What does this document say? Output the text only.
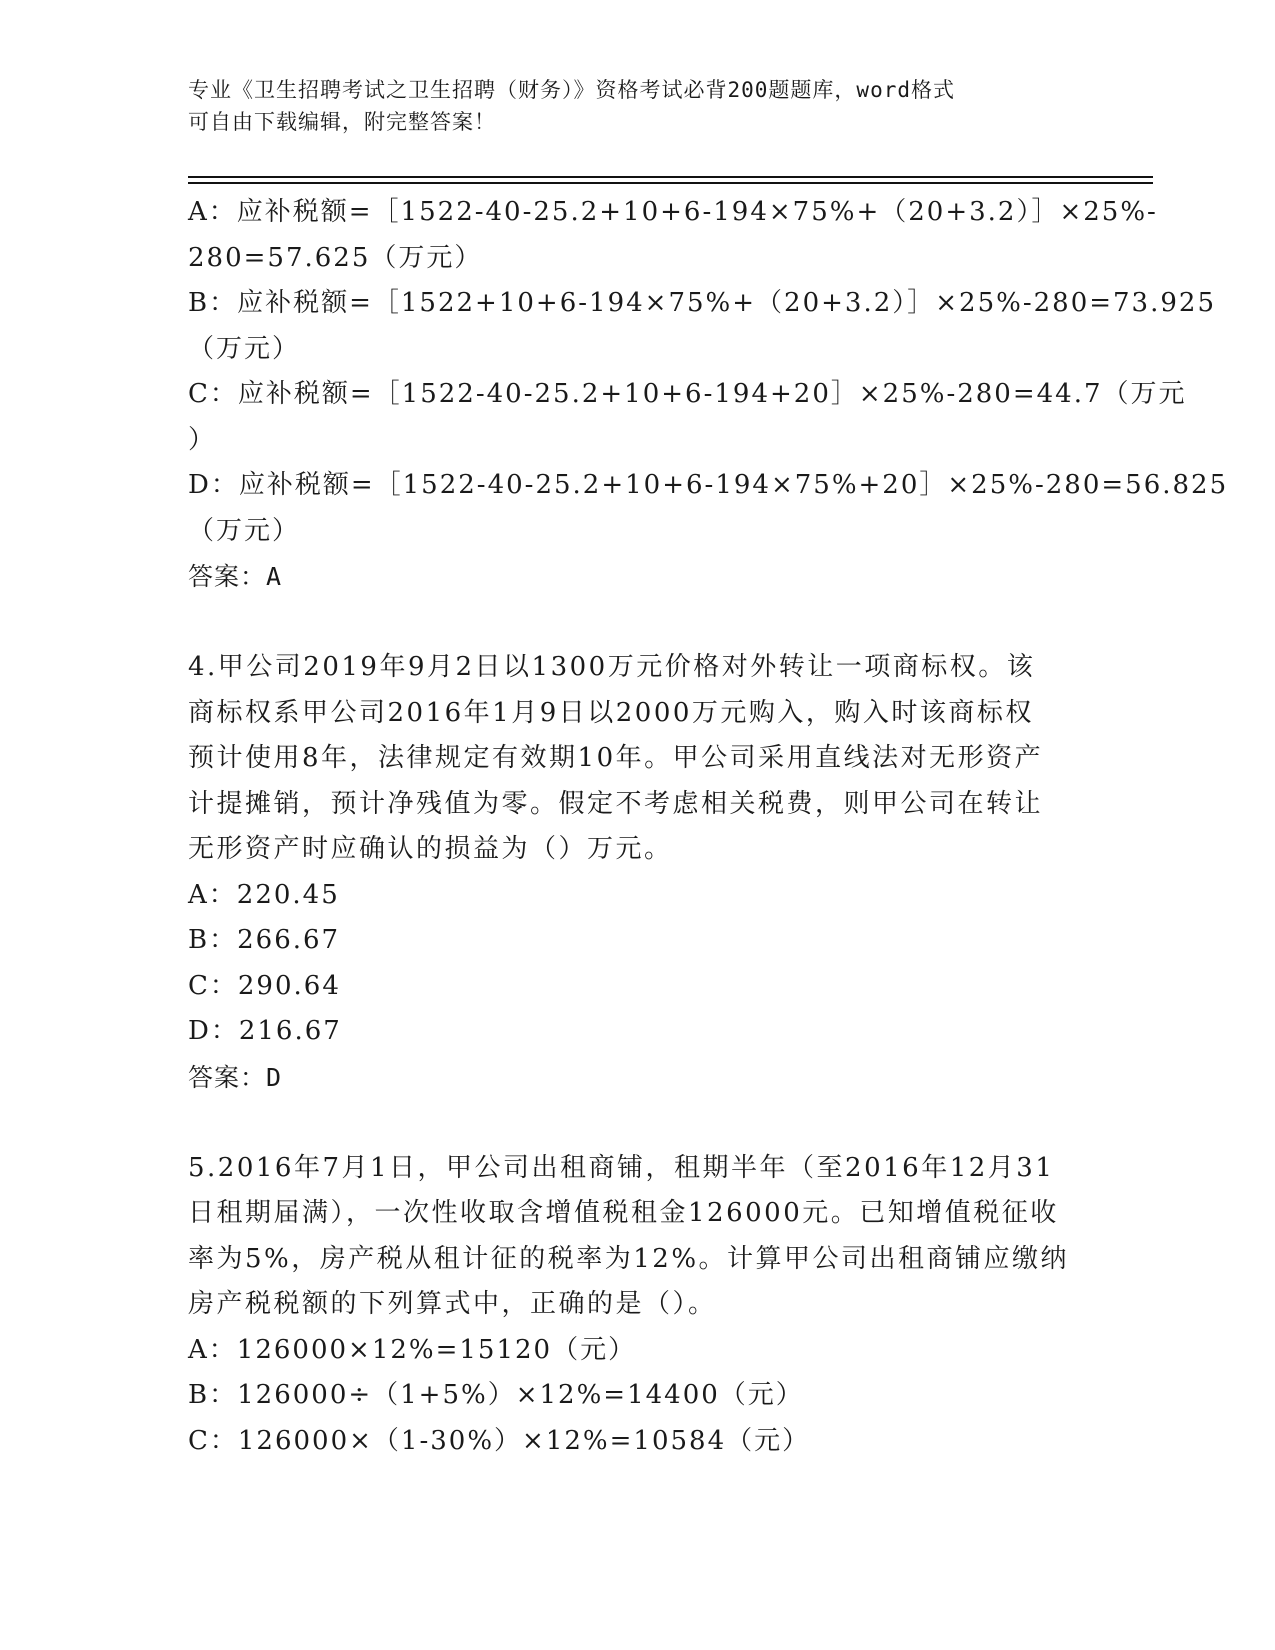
专业《卫生招聘考试之卫生招聘（财务）》资格考试必背200题题库，word格式
可自由下载编辑，附完整答案！

A：应补税额=［1522-40-25.2+10+6-194×75%+（20+3.2）］×25%-

280=57.625（万元）

B：应补税额=［1522+10+6-194×75%+（20+3.2）］×25%-280=73.925

（万元）

C：应补税额=［1522-40-25.2+10+6-194+20］×25%-280=44.7（万元

）

D：应补税额=［1522-40-25.2+10+6-194×75%+20］×25%-280=56.825

（万元）

答案：A

4.甲公司2019年9月2日以1300万元价格对外转让一项商标权。该

商标权系甲公司2016年1月9日以2000万元购入，购入时该商标权

预计使用8年，法律规定有效期10年。甲公司采用直线法对无形资产

计提摊销，预计净残值为零。假定不考虑相关税费，则甲公司在转让

无形资产时应确认的损益为（）万元。

A：220.45

B：266.67

C：290.64

D：216.67

答案：D

5.2016年7月1日，甲公司出租商铺，租期半年（至2016年12月31

日租期届满），一次性收取含增值税租金126000元。已知增值税征收

率为5%，房产税从租计征的税率为12%。计算甲公司出租商铺应缴纳

房产税税额的下列算式中，正确的是（）。

A：126000×12%=15120（元）

B：126000÷（1+5%）×12%=14400（元）

C：126000×（1-30%）×12%=10584（元）
